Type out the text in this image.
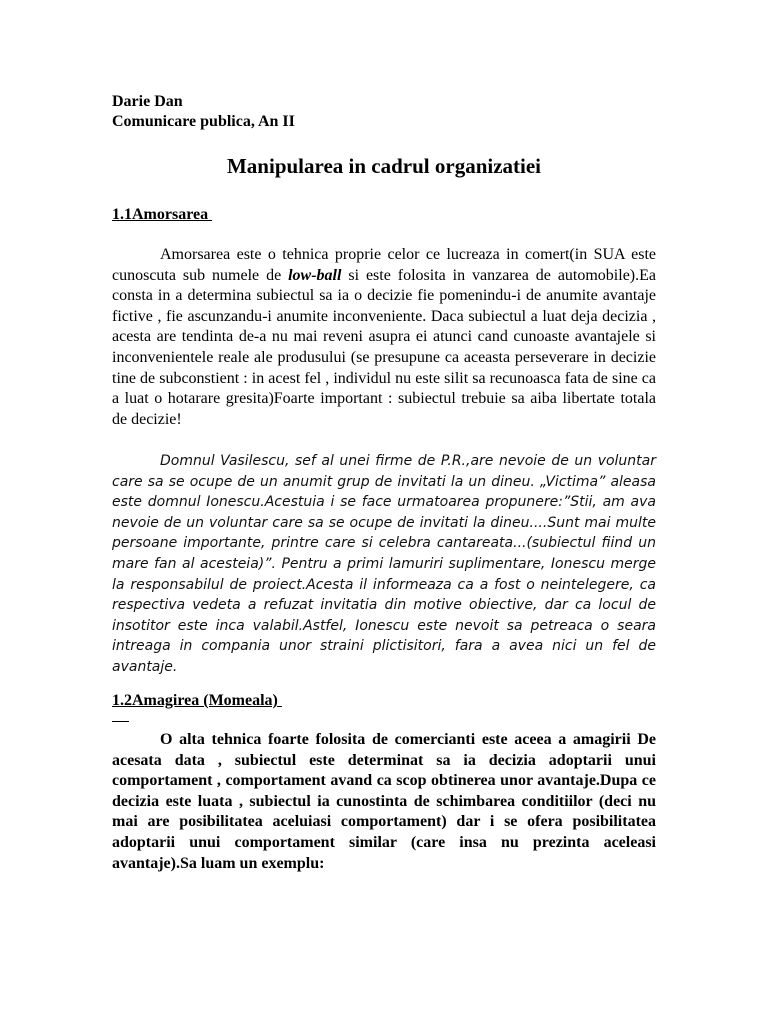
Darie Dan
Comunicare publica, An II
Manipularea in cadrul organizatiei
1.1Amorsarea
Amorsarea este o tehnica proprie celor ce lucreaza in comert(in SUA este cunoscuta sub numele de low-ball si este folosita in vanzarea de automobile).Ea consta in a determina subiectul sa ia o decizie fie pomenindu-i de anumite avantaje fictive , fie ascunzandu-i anumite inconveniente. Daca subiectul a luat deja decizia , acesta are tendinta de-a nu mai reveni asupra ei atunci cand cunoaste avantajele si inconvenientele reale ale produsului (se presupune ca aceasta perseverare in decizie tine de subconstient : in acest fel , individul nu este silit sa recunoasca fata de sine ca a luat o hotarare gresita)Foarte important : subiectul trebuie sa aiba libertate totala de decizie!
Domnul Vasilescu, sef al unei firme de P.R.,are nevoie de un voluntar care sa se ocupe de un anumit grup de invitati la un dineu. „Victima” aleasa este domnul Ionescu.Acestuia i se face urmatoarea propunere:”Stii, am ava nevoie de un voluntar care sa se ocupe de invitati la dineu....Sunt mai multe persoane importante, printre care si celebra cantareata...(subiectul fiind un mare fan al acesteia)”. Pentru a primi lamuriri suplimentare, Ionescu merge la responsabilul de proiect.Acesta il informeaza ca a fost o neintelegere, ca respectiva vedeta a refuzat invitatia din motive obiective, dar ca locul de insotitor este inca valabil.Astfel, Ionescu este nevoit sa petreaca o seara intreaga in compania unor straini plictisitori, fara a avea nici un fel de avantaje.
1.2Amagirea (Momeala)
O alta tehnica foarte folosita de comercianti este aceea a amagirii De acesata data , subiectul este determinat sa ia decizia adoptarii unui comportament , comportament avand ca scop obtinerea unor avantaje.Dupa ce decizia este luata , subiectul ia cunostinta de schimbarea conditiilor (deci nu mai are posibilitatea aceluiasi comportament) dar i se ofera posibilitatea adoptarii unui comportament similar (care insa nu prezinta aceleasi avantaje).Sa luam un exemplu:
